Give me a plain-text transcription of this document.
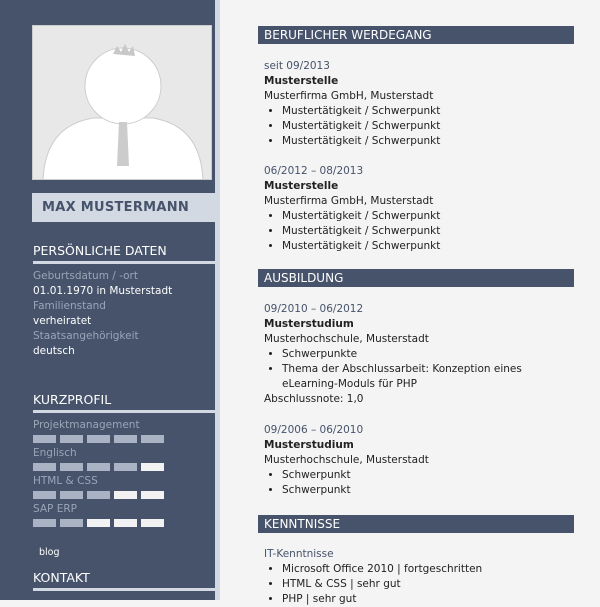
MAX MUSTERMANN
PERSÖNLICHE DATEN
Geburtsdatum / -ort
01.01.1970 in Musterstadt
Familienstand
verheiratet
Staatsangehörigkeit
deutsch
KURZPROFIL
Projektmanagement
Englisch
HTML & CSS
SAP ERP
blog
KONTAKT
BERUFLICHER WERDEGANG
seit 09/2013
Musterstelle
Musterfirma GmbH, Musterstadt
• Mustertätigkeit / Schwerpunkt
• Mustertätigkeit / Schwerpunkt
• Mustertätigkeit / Schwerpunkt
06/2012 – 08/2013
Musterstelle
Musterfirma GmbH, Musterstadt
• Mustertätigkeit / Schwerpunkt
• Mustertätigkeit / Schwerpunkt
• Mustertätigkeit / Schwerpunkt
AUSBILDUNG
09/2010 – 06/2012
Musterstudium
Musterhochschule, Musterstadt
• Schwerpunkte
• Thema der Abschlussarbeit: Konzeption eines eLearning-Moduls für PHP
Abschlussnote: 1,0
09/2006 – 06/2010
Musterstudium
Musterhochschule, Musterstadt
• Schwerpunkt
• Schwerpunkt
KENNTNISSE
IT-Kenntnisse
• Microsoft Office 2010 | fortgeschritten
• HTML & CSS | sehr gut
• PHP | sehr gut
